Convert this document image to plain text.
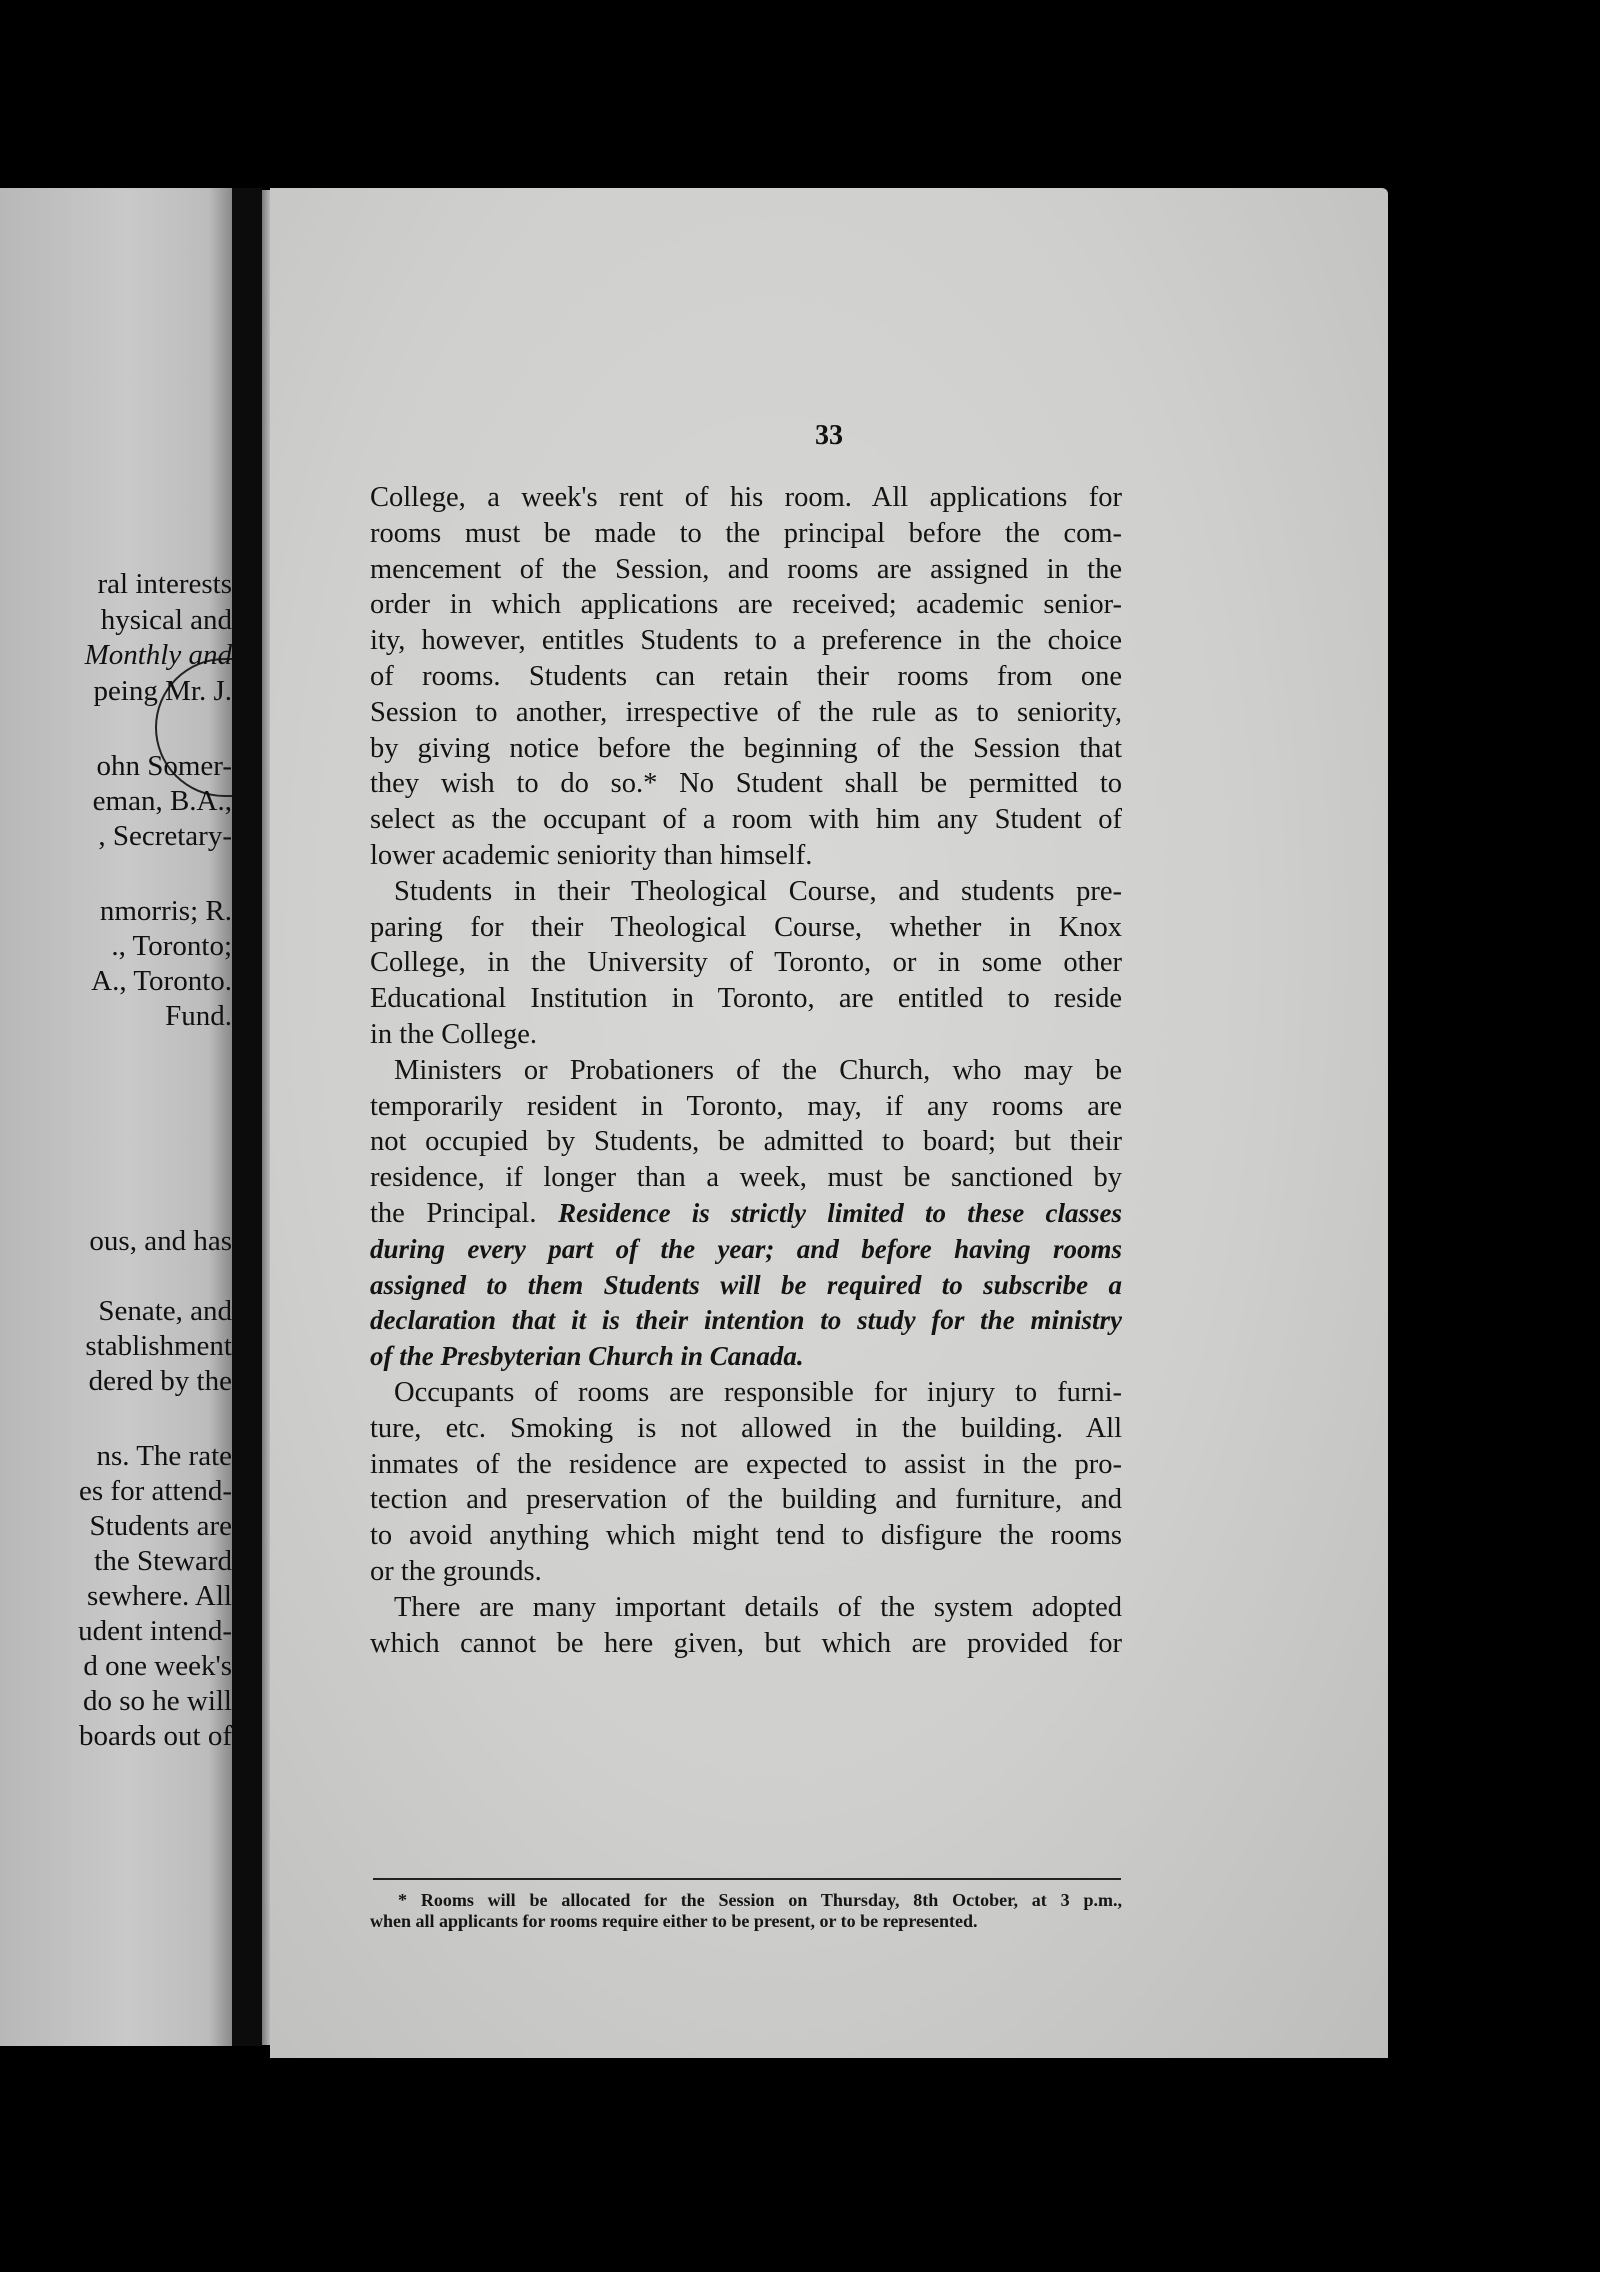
ral interests
hysical and
Monthly and
peing Mr. J.
ohn Somer-
eman, B.A.,
, Secretary-
nmorris; R.
., Toronto;
A., Toronto.
Fund.
ous, and has
Senate, and
stablishment
dered by the
ns. The rate
es for attend-
Students are
the Steward
sewhere. All
udent intend-
d one week's
do so he will
boards out of
33
College, a week's rent of his room. All applications for
rooms must be made to the principal before the com-
mencement of the Session, and rooms are assigned in the
order in which applications are received; academic senior-
ity, however, entitles Students to a preference in the choice
of rooms. Students can retain their rooms from one
Session to another, irrespective of the rule as to seniority,
by giving notice before the beginning of the Session that
they wish to do so.* No Student shall be permitted to
select as the occupant of a room with him any Student of
lower academic seniority than himself.
Students in their Theological Course, and students pre-
paring for their Theological Course, whether in Knox
College, in the University of Toronto, or in some other
Educational Institution in Toronto, are entitled to reside
in the College.
Ministers or Probationers of the Church, who may be
temporarily resident in Toronto, may, if any rooms are
not occupied by Students, be admitted to board; but their
residence, if longer than a week, must be sanctioned by
the Principal. Residence is strictly limited to these classes
during every part of the year; and before having rooms
assigned to them Students will be required to subscribe a
declaration that it is their intention to study for the ministry
of the Presbyterian Church in Canada.
Occupants of rooms are responsible for injury to furni-
ture, etc. Smoking is not allowed in the building. All
inmates of the residence are expected to assist in the pro-
tection and preservation of the building and furniture, and
to avoid anything which might tend to disfigure the rooms
or the grounds.
There are many important details of the system adopted
which cannot be here given, but which are provided for
* Rooms will be allocated for the Session on Thursday, 8th October, at 3 p.m.,
when all applicants for rooms require either to be present, or to be represented.
